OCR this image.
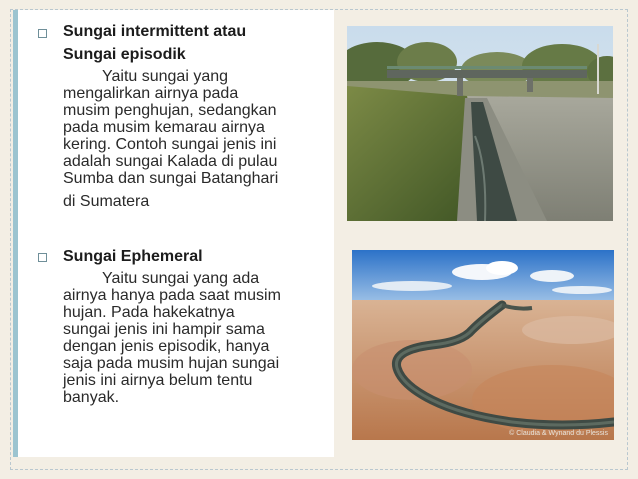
Sungai intermittent atau
Sungai episodik
Yaitu sungai yang
mengalirkan airnya pada
musim penghujan, sedangkan
pada musim kemarau airnya
kering. Contoh sungai jenis ini
adalah sungai Kalada di pulau
Sumba dan sungai Batanghari
di Sumatera
Sungai Ephemeral
Yaitu sungai yang ada
airnya hanya pada saat musim
hujan. Pada hakekatnya
sungai jenis ini hampir sama
dengan jenis episodik, hanya
saja pada musim hujan sungai
jenis ini airnya belum tentu
banyak.
© Claudia & Wynand du Plessis
